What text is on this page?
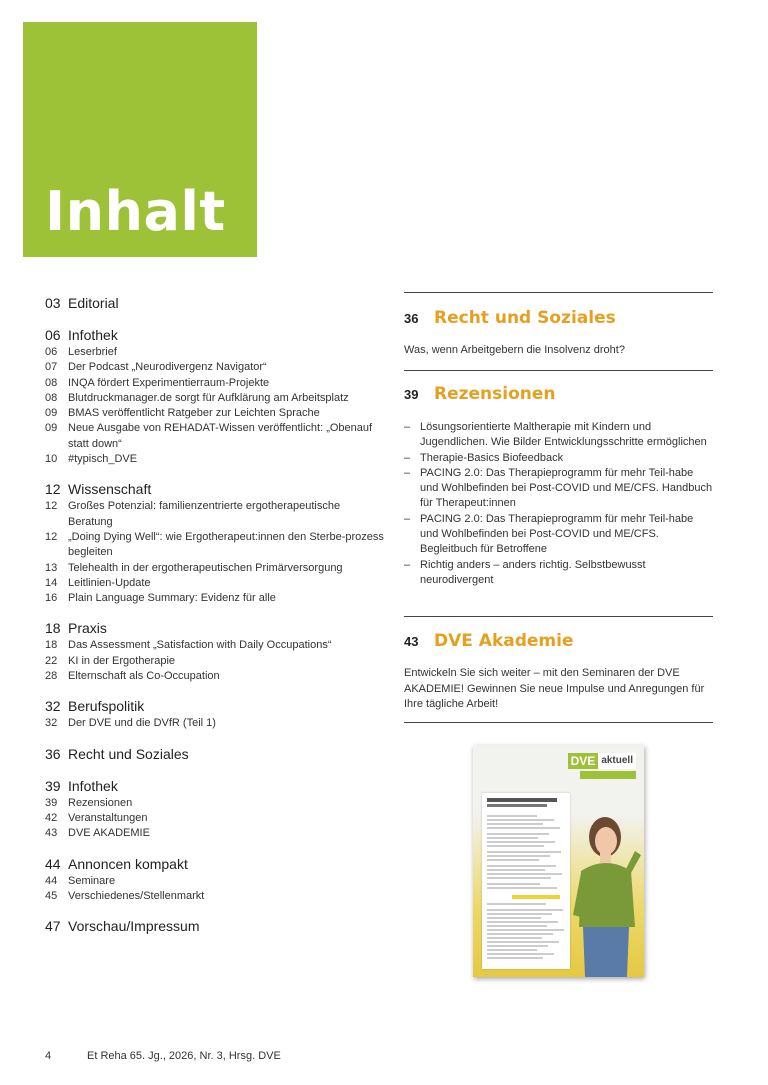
Inhalt
03 Editorial
06 Infothek
06 Leserbrief
07 Der Podcast „Neurodivergenz Navigator“
08 INQA fördert Experimentierraum-Projekte
08 Blutdruckmanager.de sorgt für Aufklärung am Arbeitsplatz
09 BMAS veröffentlicht Ratgeber zur Leichten Sprache
09 Neue Ausgabe von REHADAT-Wissen veröffentlicht: „Obenauf statt down“
10 #typisch_DVE
12 Wissenschaft
12 Großes Potenzial: familienzentrierte ergotherapeutische Beratung
12 „Doing Dying Well“: wie Ergotherapeut:innen den Sterbe-prozess begleiten
13 Telehealth in der ergotherapeutischen Primärversorgung
14 Leitlinien-Update
16 Plain Language Summary: Evidenz für alle
18 Praxis
18 Das Assessment „Satisfaction with Daily Occupations“
22 KI in der Ergotherapie
28 Elternschaft als Co-Occupation
32 Berufspolitik
32 Der DVE und die DVfR (Teil 1)
36 Recht und Soziales
39 Infothek
39 Rezensionen
42 Veranstaltungen
43 DVE AKADEMIE
44 Annoncen kompakt
44 Seminare
45 Verschiedenes/Stellenmarkt
47 Vorschau/Impressum
36 Recht und Soziales
Was, wenn Arbeitgebern die Insolvenz droht?
39 Rezensionen
– Lösungsorientierte Maltherapie mit Kindern und Jugendlichen. Wie Bilder Entwicklungsschritte ermöglichen
– Therapie-Basics Biofeedback
– PACING 2.0: Das Therapieprogramm für mehr Teil-habe und Wohlbefinden bei Post-COVID und ME/CFS. Handbuch für Therapeut:innen
– PACING 2.0: Das Therapieprogramm für mehr Teil-habe und Wohlbefinden bei Post-COVID und ME/CFS. Begleitbuch für Betroffene
– Richtig anders – anders richtig. Selbstbewusst neurodivergent
43 DVE Akademie
Entwickeln Sie sich weiter – mit den Seminaren der DVE AKADEMIE! Gewinnen Sie neue Impulse und Anregungen für Ihre tägliche Arbeit!
DVE aktuell
4	Et Reha 65. Jg., 2026, Nr. 3, Hrsg. DVE
